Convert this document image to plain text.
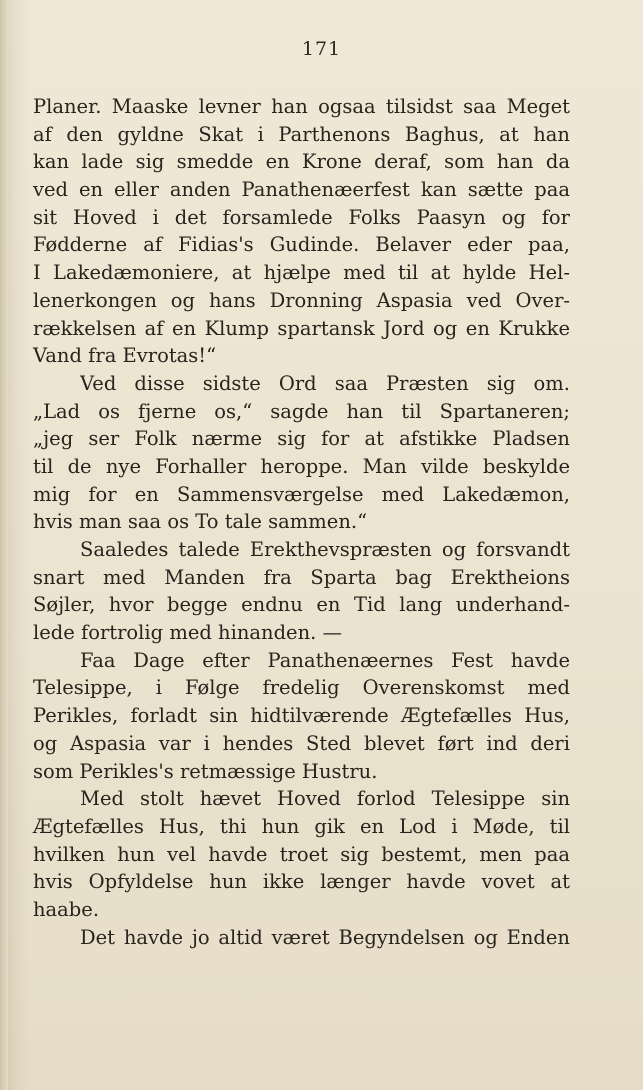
171
Planer. Maaske levner han ogsaa tilsidst saa Meget
af den gyldne Skat i Parthenons Baghus, at han
kan lade sig smedde en Krone deraf, som han da
ved en eller anden Panathenæerfest kan sætte paa
sit Hoved i det forsamlede Folks Paasyn og for
Fødderne af Fidias's Gudinde. Belaver eder paa,
I Lakedæmoniere, at hjælpe med til at hylde Hel-
lenerkongen og hans Dronning Aspasia ved Over-
rækkelsen af en Klump spartansk Jord og en Krukke
Vand fra Evrotas!“
Ved disse sidste Ord saa Præsten sig om.
„Lad os fjerne os,“ sagde han til Spartaneren;
„jeg ser Folk nærme sig for at afstikke Pladsen
til de nye Forhaller heroppe. Man vilde beskylde
mig for en Sammensværgelse med Lakedæmon,
hvis man saa os To tale sammen.“
Saaledes talede Erekthevspræsten og forsvandt
snart med Manden fra Sparta bag Erektheions
Søjler, hvor begge endnu en Tid lang underhand-
lede fortrolig med hinanden. —
Faa Dage efter Panathenæernes Fest havde
Telesippe, i Følge fredelig Overenskomst med
Perikles, forladt sin hidtilværende Ægtefælles Hus,
og Aspasia var i hendes Sted blevet ført ind deri
som Perikles's retmæssige Hustru.
Med stolt hævet Hoved forlod Telesippe sin
Ægtefælles Hus, thi hun gik en Lod i Møde, til
hvilken hun vel havde troet sig bestemt, men paa
hvis Opfyldelse hun ikke længer havde vovet at
haabe.
Det havde jo altid været Begyndelsen og Enden
